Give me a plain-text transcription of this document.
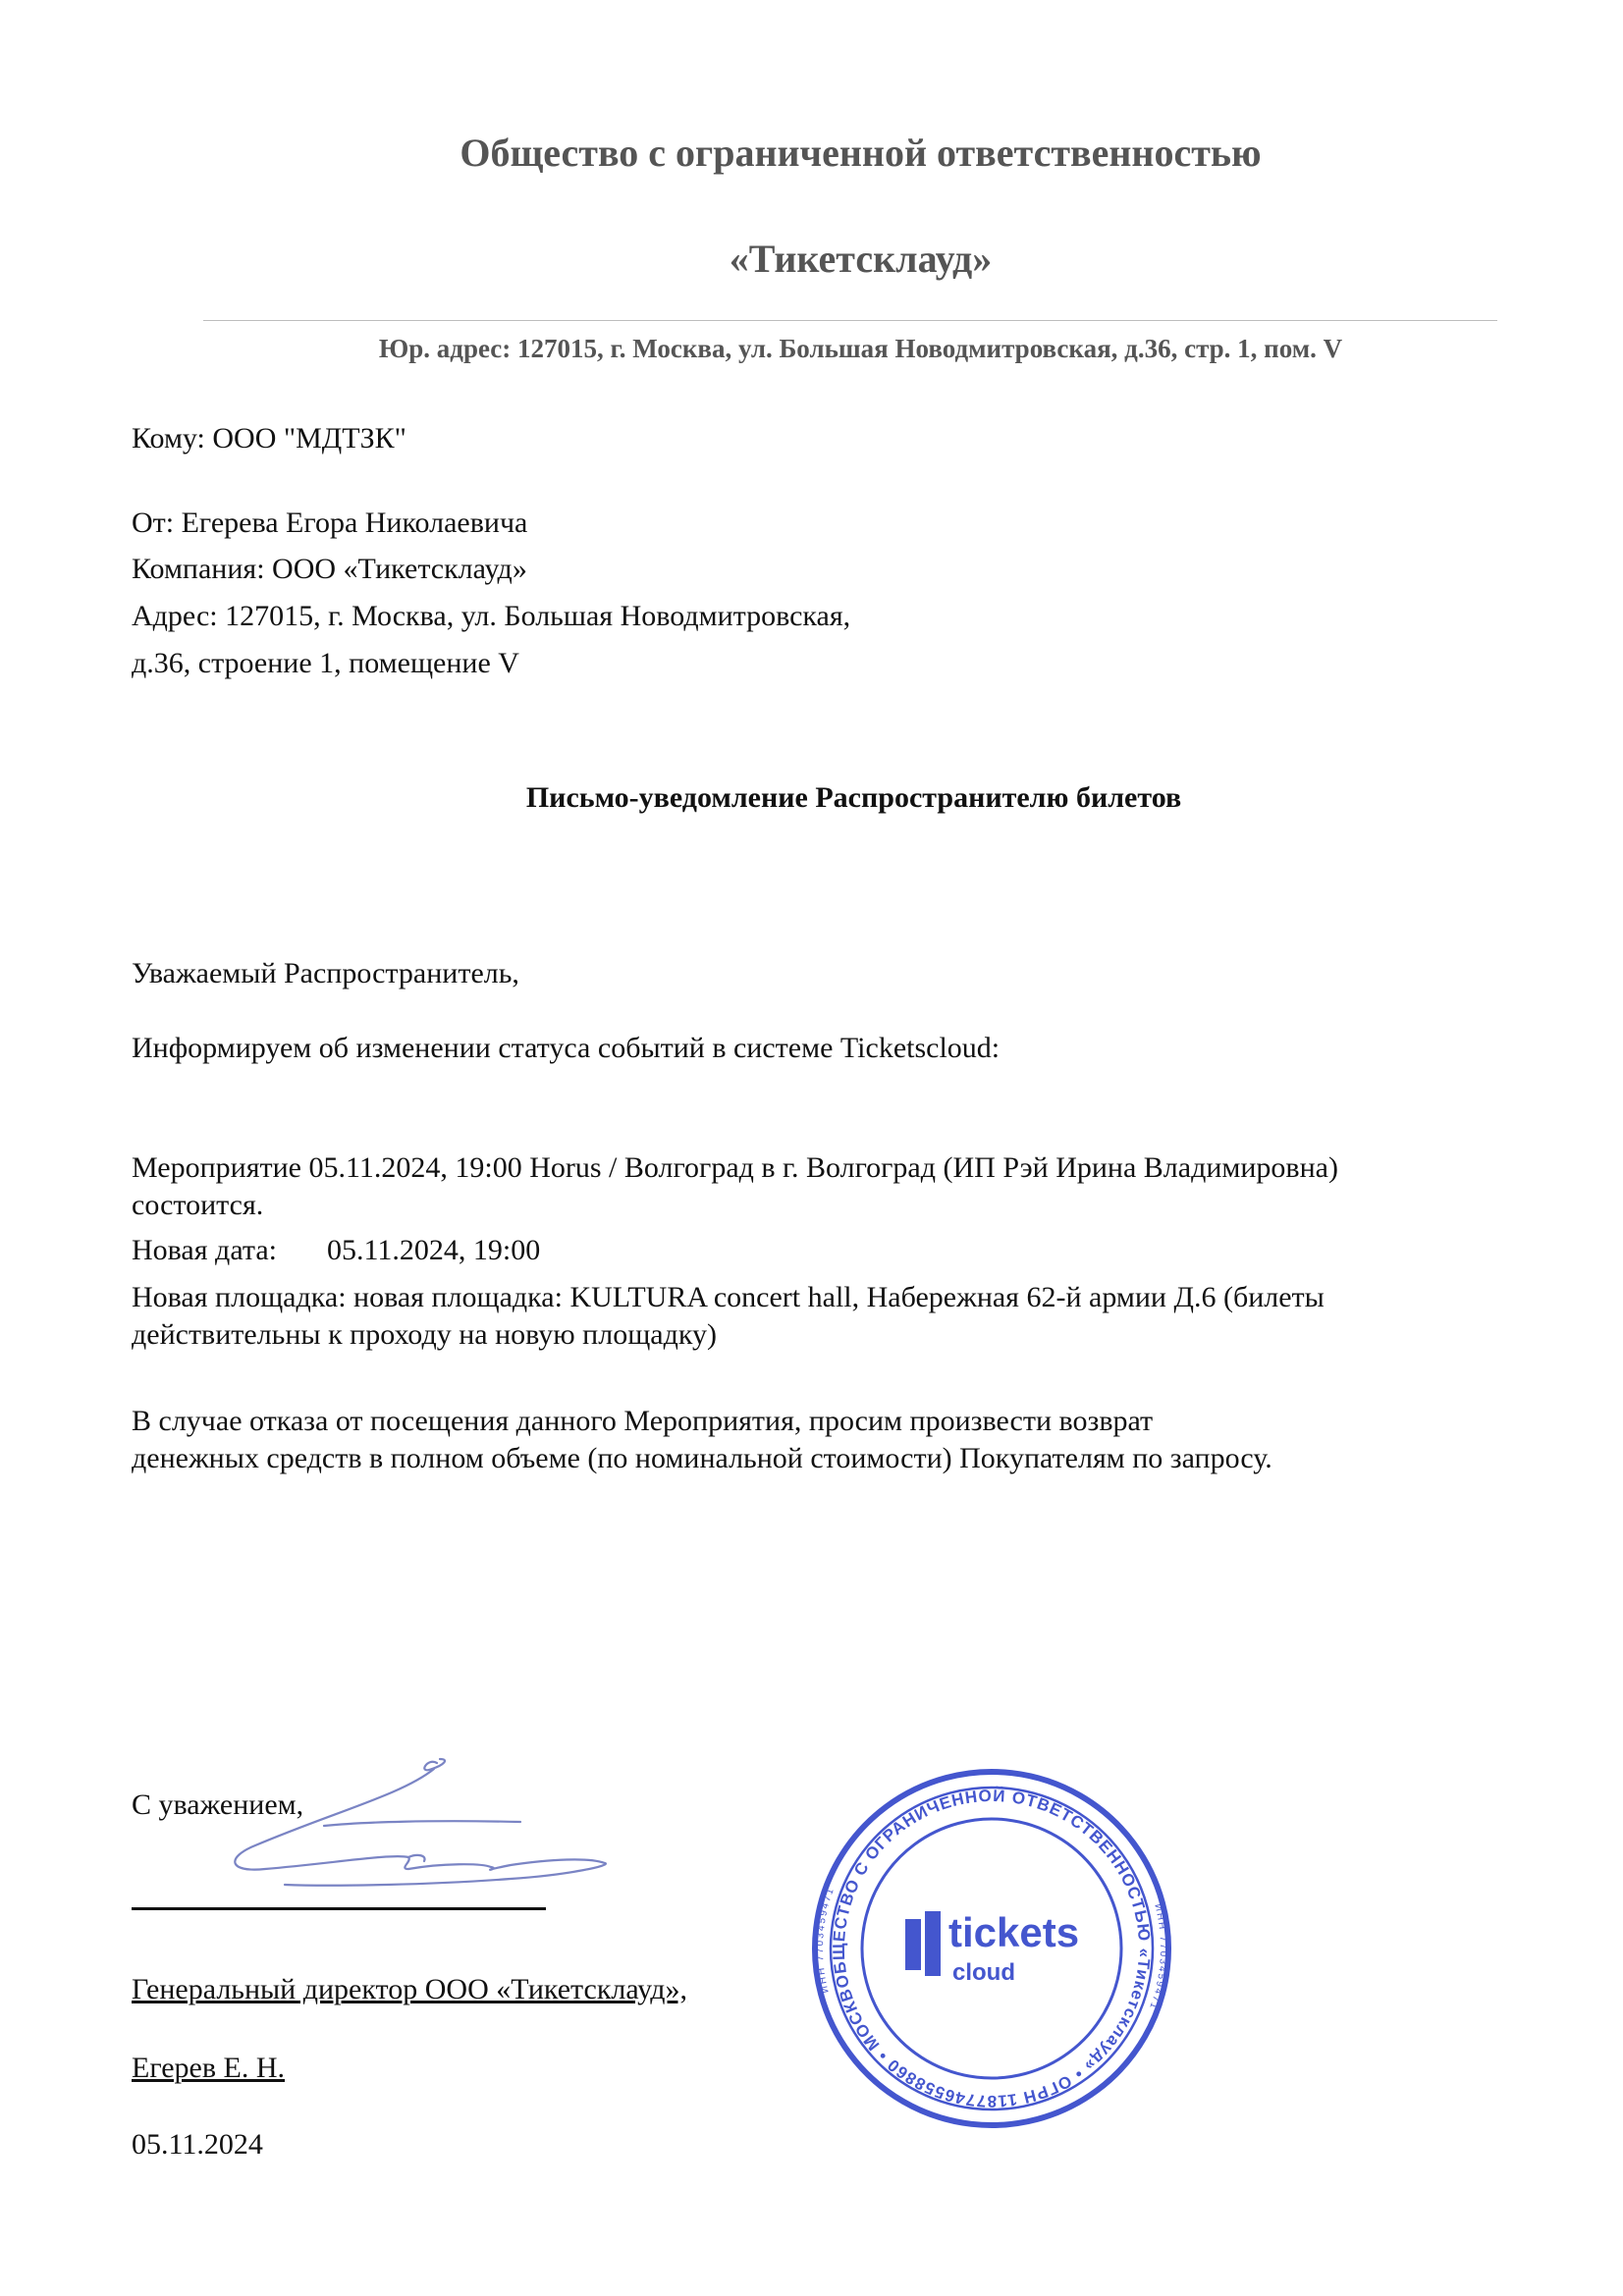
Общество с ограниченной ответственностью
«Тикетсклауд»
Юр. адрес: 127015, г. Москва, ул. Большая Новодмитровская, д.36, стр. 1, пом. V
Кому: ООО "МДТЗК"
От: Егерева Егора Николаевича
Компания: ООО «Тикетсклауд»
Адрес: 127015, г. Москва, ул. Большая Новодмитровская,
д.36, строение 1, помещение V
Письмо-уведомление Распространителю билетов
Уважаемый Распространитель,
Информируем об изменении статуса событий в системе Ticketscloud:
Мероприятие 05.11.2024, 19:00 Horus / Волгоград в г. Волгоград (ИП Рэй Ирина Владимировна)
состоится.
Новая дата: 05.11.2024, 19:00
Новая площадка: новая площадка: KULTURA concert hall, Набережная 62-й армии Д.6 (билеты
действительны к проходу на новую площадку)
В случае отказа от посещения данного Мероприятия, просим произвести возврат
денежных средств в полном объеме (по номинальной стоимости) Покупателям по запросу.
С уважением,
Генеральный директор ООО «Тикетсклауд»,
Егерев Е. Н.
05.11.2024
ОБЩЕСТВО С ОГРАНИЧЕННОЙ ОТВЕТСТВЕННОСТЬЮ «Тикетсклауд» • ОГРН 1187746558860 • МОСКВА
ИНН 7703459471
ИНН 7703459471
tickets
cloud
